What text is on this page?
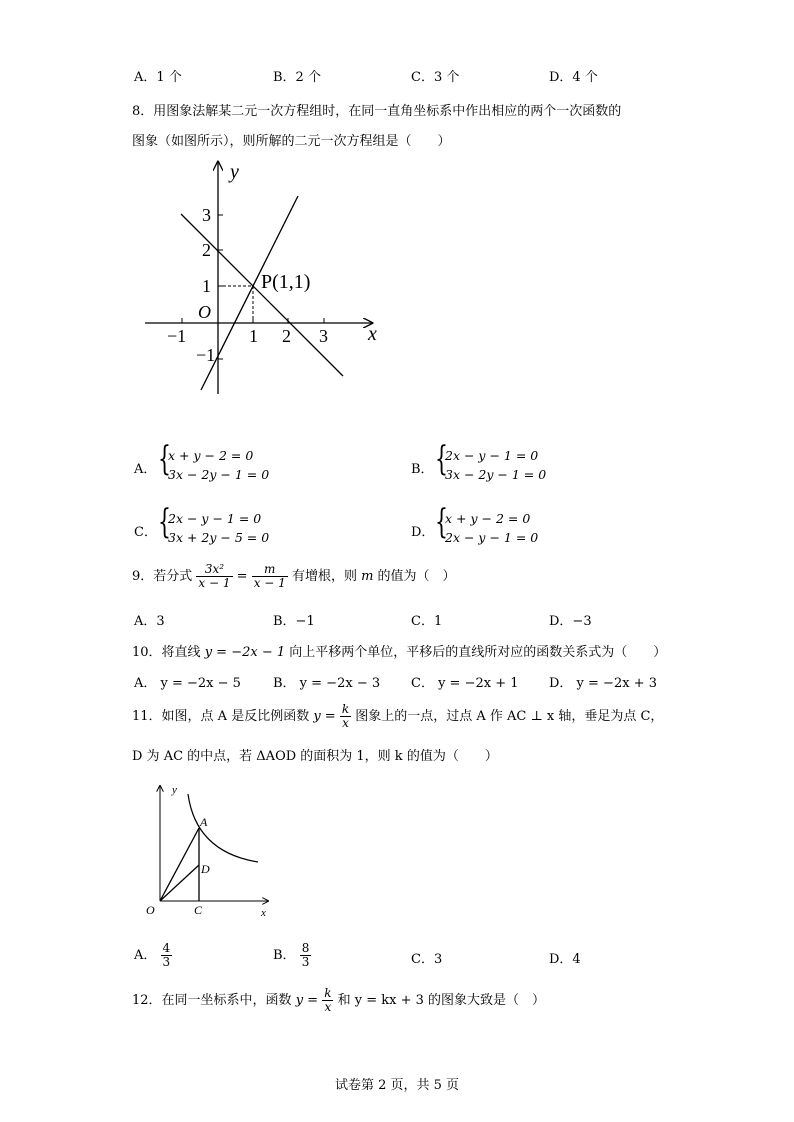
A．1 个	B．2 个	C．3 个	D．4 个
8．用图象法解某二元一次方程组时，在同一直角坐标系中作出相应的两个一次函数的
图象（如图所示），则所解的二元一次方程组是（　　）
y
x
O
P(1,1)
−1	1 2 3
3
2
1
−1
A． {
x + y − 2 = 0
3x − 2y − 1 = 0	B． {
2x − y − 1 = 0
3x − 2y − 1 = 0
C． {
2x − y − 1 = 0
3x + 2y − 5 = 0	D． {
x + y − 2 = 0
2x − y − 1 = 0
9．若分式 $\frac{\text{3x²}}{x - 1} = \frac{m}{x - 1}$ 有增根，则 m 的值为（　）
A．3	B．−1	C．1	D．−3
10．将直线 y = −2x − 1 向上平移两个单位，平移后的直线所对应的函数关系式为（　　）
A． y = −2x − 5 B． y = −2x − 3 C． y = −2x + 1 D． y = −2x + 3
11．如图，点 A 是反比例函数 $y = \frac{k}{x}$ 图象上的一点，过点 A 作 AC ⊥ x 轴，垂足为点 C，
D 为 AC 的中点，若 ΔAOD 的面积为 1，则 k 的值为（　　）
y
x
O	C
A
D
A． $\frac{4}{3}$	B． $\frac{8}{3}$	C．3	D．4
12．在同一坐标系中，函数 $y = \frac{k}{x}$ 和 y = kx + 3 的图象大致是（　）
试卷第 2 页，共 5 页
